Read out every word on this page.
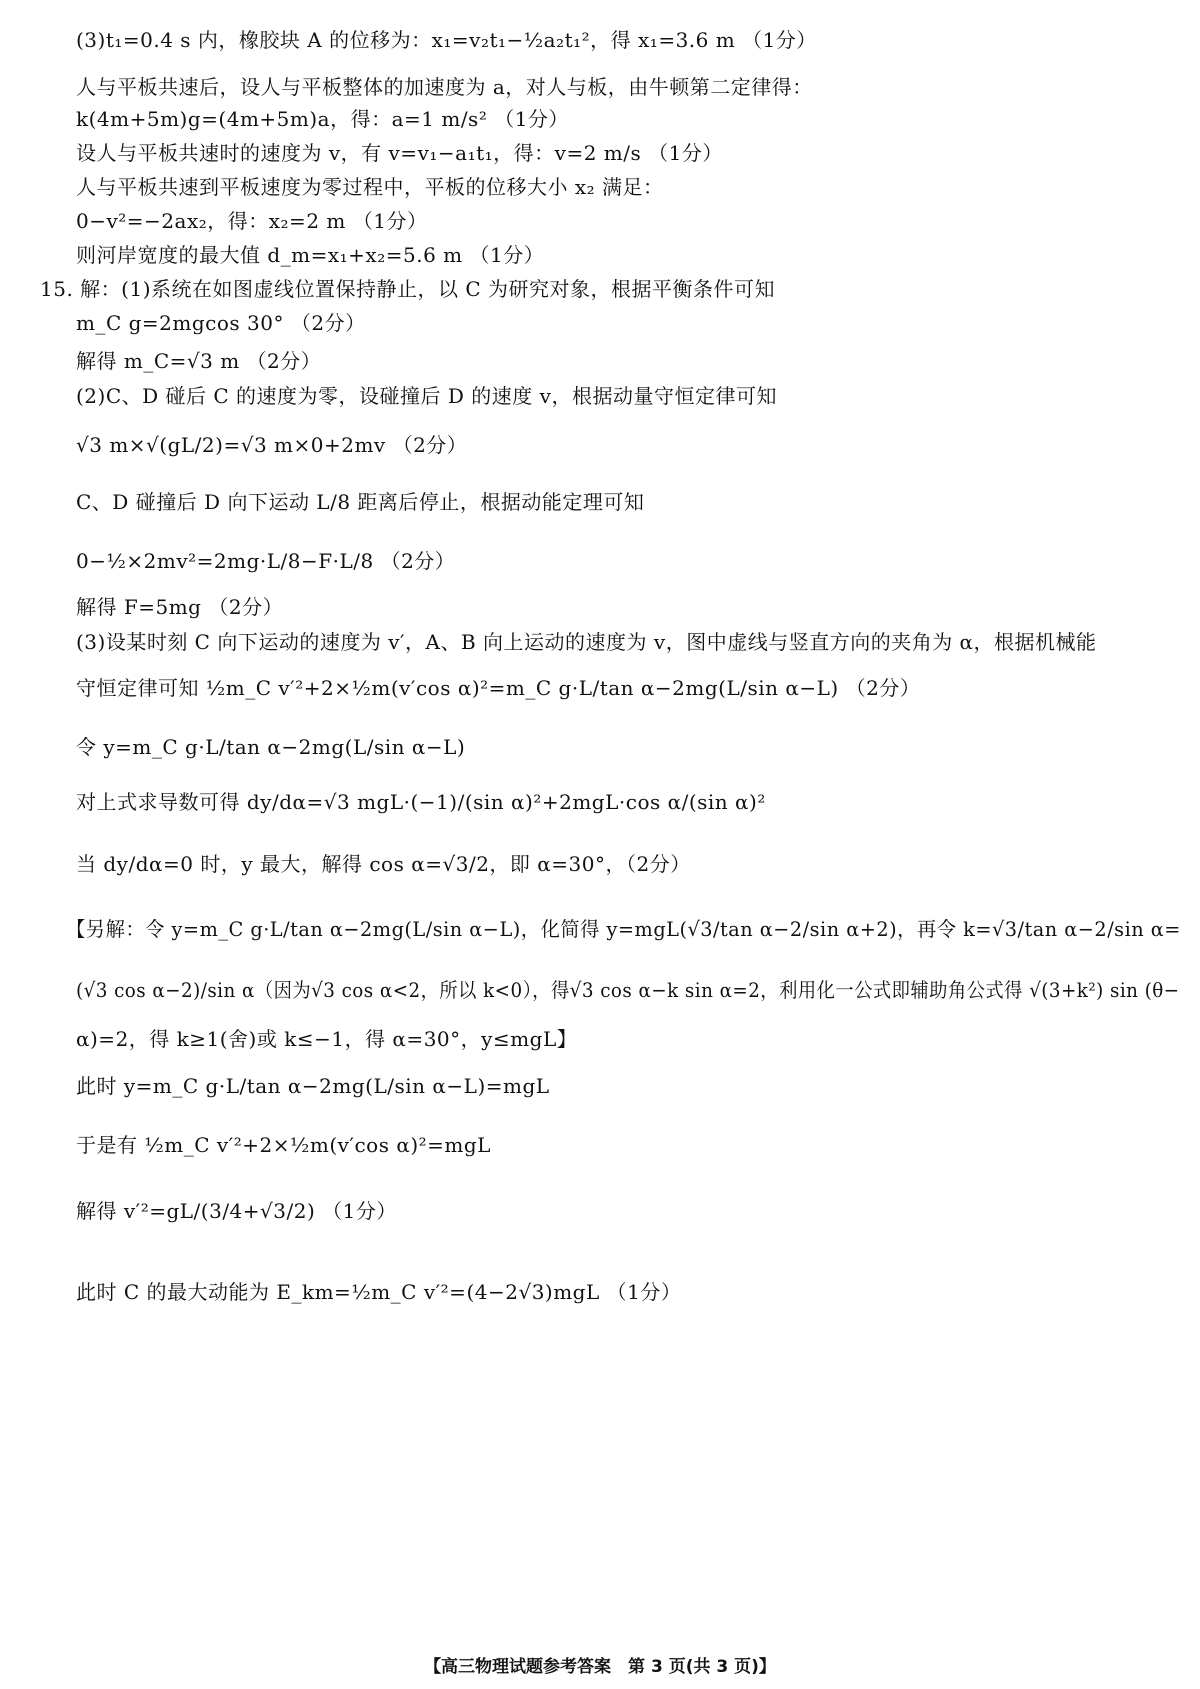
(3)t₁=0.4 s 内，橡胶块 A 的位移为：x₁=v₂t₁−½a₂t₁²，得 x₁=3.6 m （1分）
人与平板共速后，设人与平板整体的加速度为 a，对人与板，由牛顿第二定律得：
k(4m+5m)g=(4m+5m)a，得：a=1 m/s² （1分）
设人与平板共速时的速度为 v，有 v=v₁−a₁t₁，得：v=2 m/s （1分）
人与平板共速到平板速度为零过程中，平板的位移大小 x₂ 满足：
0−v²=−2ax₂，得：x₂=2 m （1分）
则河岸宽度的最大值 d_m=x₁+x₂=5.6 m （1分）
15. 解：(1)系统在如图虚线位置保持静止，以 C 为研究对象，根据平衡条件可知
m_C g=2mgcos 30° （2分）
解得 m_C=√3 m （2分）
(2)C、D 碰后 C 的速度为零，设碰撞后 D 的速度 v，根据动量守恒定律可知
√3 m×√(gL/2)=√3 m×0+2mv （2分）
C、D 碰撞后 D 向下运动 L/8 距离后停止，根据动能定理可知
0−½×2mv²=2mg·L/8−F·L/8 （2分）
解得 F=5mg （2分）
(3)设某时刻 C 向下运动的速度为 v′，A、B 向上运动的速度为 v，图中虚线与竖直方向的夹角为 α，根据机械能
守恒定律可知 ½m_C v′²+2×½m(v′cos α)²=m_C g·L/tan α−2mg(L/sin α−L) （2分）
令 y=m_C g·L/tan α−2mg(L/sin α−L)
对上式求导数可得 dy/dα=√3 mgL·(−1)/(sin α)²+2mgL·cos α/(sin α)²
当 dy/dα=0 时，y 最大，解得 cos α=√3/2，即 α=30°，（2分）
【另解：令 y=m_C g·L/tan α−2mg(L/sin α−L)，化简得 y=mgL(√3/tan α−2/sin α+2)，再令 k=√3/tan α−2/sin α=
(√3 cos α−2)/sin α（因为√3 cos α<2，所以 k<0），得√3 cos α−k sin α=2，利用化一公式即辅助角公式得 √(3+k²) sin (θ−
α)=2，得 k≥1(舍)或 k≤−1，得 α=30°，y≤mgL】
此时 y=m_C g·L/tan α−2mg(L/sin α−L)=mgL
于是有 ½m_C v′²+2×½m(v′cos α)²=mgL
解得 v′²=gL/(3/4+√3/2) （1分）
此时 C 的最大动能为 E_km=½m_C v′²=(4−2√3)mgL （1分）
【高三物理试题参考答案　第 3 页(共 3 页)】
